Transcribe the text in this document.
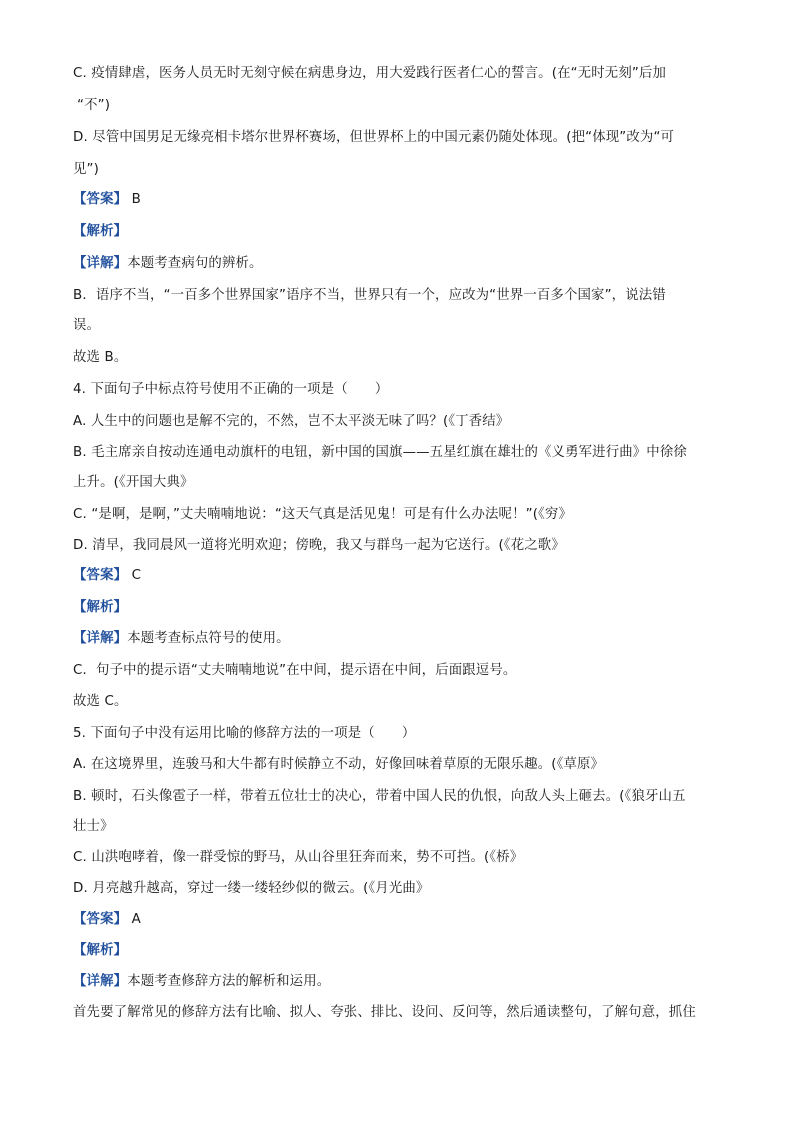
C. 疫情肆虐，医务人员无时无刻守候在病患身边，用大爱践行医者仁心的誓言。(在“无时无刻”后加
“不”)
D. 尽管中国男足无缘亮相卡塔尔世界杯赛场，但世界杯上的中国元素仍随处体现。(把“体现”改为“可
见”)
【答案】 B
【解析】
【详解】本题考查病句的辨析。
B．语序不当，“一百多个世界国家”语序不当，世界只有一个，应改为“世界一百多个国家”，说法错
误。
故选 B。
4. 下面句子中标点符号使用不正确的一项是（　　）
A. 人生中的问题也是解不完的，不然，岂不太平淡无味了吗？(《丁香结》
B. 毛主席亲自按动连通电动旗杆的电钮，新中国的国旗——五星红旗在雄壮的《义勇军进行曲》中徐徐
上升。(《开国大典》
C. “是啊，是啊，”丈夫喃喃地说：“这天气真是活见鬼！可是有什么办法呢！”(《穷》
D. 清早，我同晨风一道将光明欢迎；傍晚，我又与群鸟一起为它送行。(《花之歌》
【答案】 C
【解析】
【详解】本题考查标点符号的使用。
C．句子中的提示语“丈夫喃喃地说”在中间，提示语在中间，后面跟逗号。
故选 C。
5. 下面句子中没有运用比喻的修辞方法的一项是（　　）
A. 在这境界里，连骏马和大牛都有时候静立不动，好像回味着草原的无限乐趣。(《草原》
B. 顿时，石头像雹子一样，带着五位壮士的决心，带着中国人民的仇恨，向敌人头上砸去。(《狼牙山五
壮士》
C. 山洪咆哮着，像一群受惊的野马，从山谷里狂奔而来，势不可挡。(《桥》
D. 月亮越升越高，穿过一缕一缕轻纱似的微云。(《月光曲》
【答案】 A
【解析】
【详解】本题考查修辞方法的解析和运用。
首先要了解常见的修辞方法有比喻、拟人、夸张、排比、设问、反问等，然后通读整句，了解句意，抓住
